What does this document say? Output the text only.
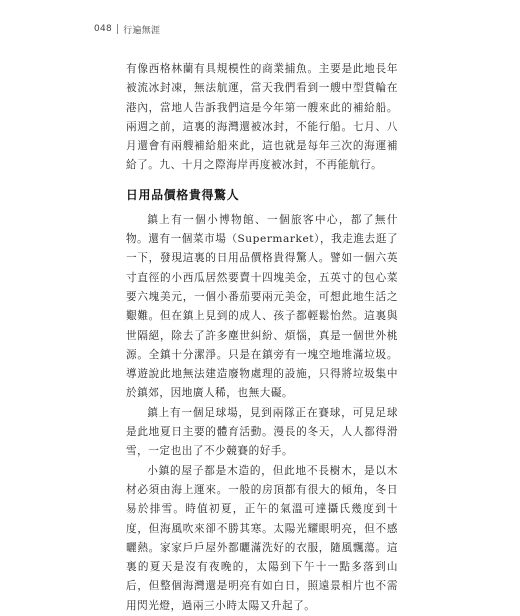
048 行遍無涯

有像西格林蘭有具規模性的商業捕魚。主要是此地長年被流冰封凍，無法航運，當天我們看到一艘中型貨輪在港內，當地人告訴我們這是今年第一艘來此的補給船。兩週之前，這裏的海灣還被冰封，不能行船。七月、八月還會有兩艘補給船來此，這也就是每年三次的海運補給了。九、十月之際海岸再度被冰封，不再能航行。

日用品價格貴得驚人

鎮上有一個小博物館、一個旅客中心，都了無什物。還有一個菜市場（Supermarket），我走進去逛了一下，發現這裏的日用品價格貴得驚人。譬如一個六英寸直徑的小西瓜居然要賣十四塊美金，五英寸的包心菜要六塊美元，一個小番茄要兩元美金，可想此地生活之艱難。但在鎮上見到的成人、孩子都輕鬆怡然。這裏與世隔絕，除去了許多塵世糾紛、煩惱，真是一個世外桃源。全鎮十分潔淨。只是在鎮旁有一塊空地堆滿垃圾。導遊說此地無法建造廢物處理的設施，只得將垃圾集中於鎮郊，因地廣人稀，也無大礙。

鎮上有一個足球場，見到兩隊正在賽球，可見足球是此地夏日主要的體育活動。漫長的冬天，人人都得滑雪，一定也出了不少競賽的好手。

小鎮的屋子都是木造的，但此地不長樹木，是以木材必須由海上運來。一般的房頂都有很大的傾角，冬日易於排雪。時值初夏，正午的氣溫可達攝氏幾度到十度，但海風吹來卻不勝其寒。太陽光耀眼明亮，但不感曬熱。家家戶戶屋外都曬滿洗好的衣服，隨風飄蕩。這裏的夏天是沒有夜晚的，太陽到下午十一點多落到山后，但整個海灣還是明亮有如白日，照遠景相片也不需用閃光燈，過兩三小時太陽又升起了。
